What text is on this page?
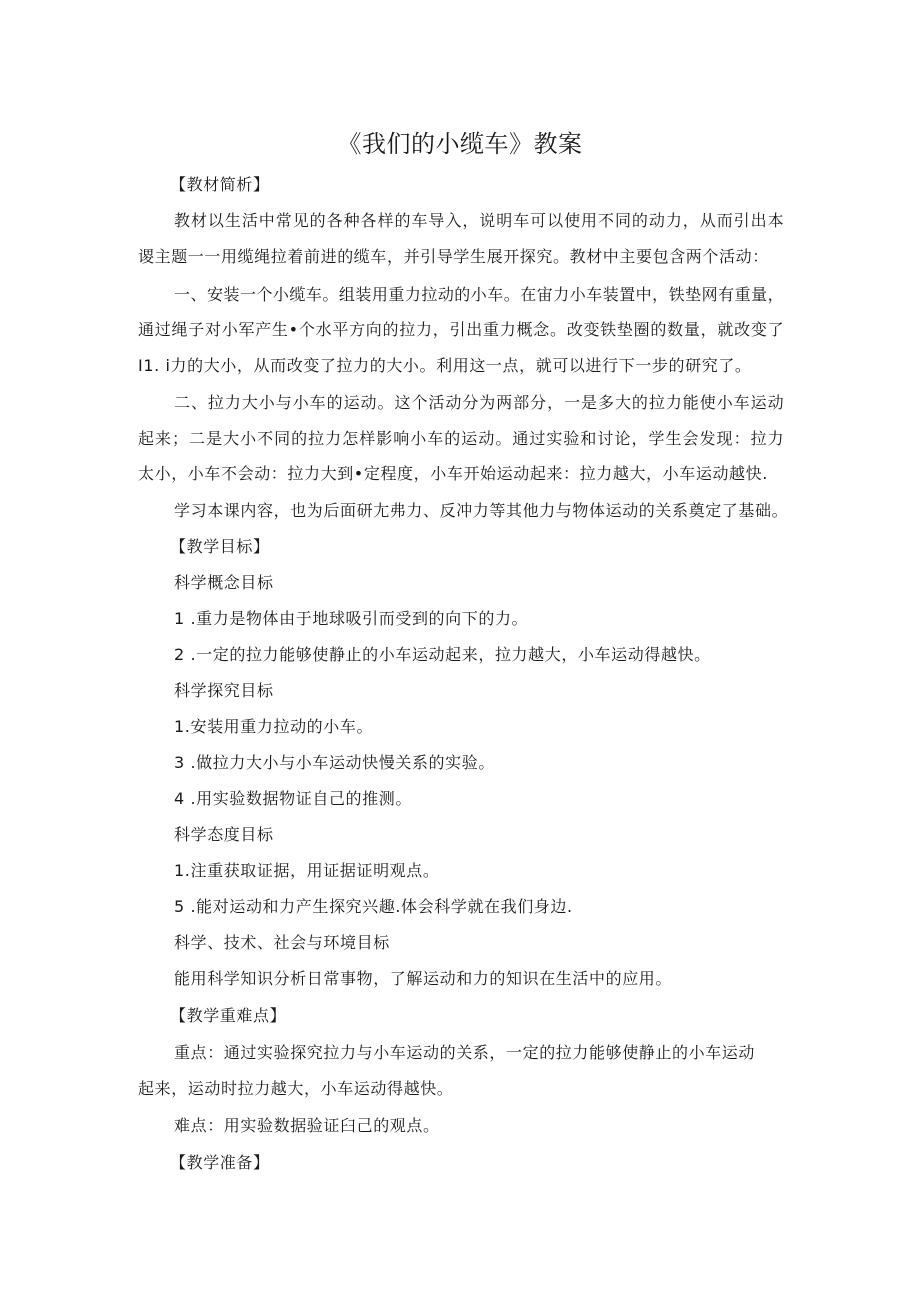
《我们的小缆车》教案
【教材简析】
教材以生活中常见的各种各样的车导入，说明车可以使用不同的动力，从而引出本
谡主题一一用缆绳拉着前进的缆车，并引导学生展开探究。教材中主要包含两个活动：
一、安装一个小缆车。组装用重力拉动的小车。在宙力小车装置中，铁垫网有重量，
通过绳子对小军产生•个水平方向的拉力，引出重力概念。改变铁垫圈的数量，就改变了
I1. i力的大小，从而改变了拉力的大小。利用这一点，就可以进行下一步的研究了。
二、拉力大小与小车的运动。这个活动分为两部分，一是多大的拉力能使小车运动
起来；二是大小不同的拉力怎样影响小车的运动。通过实验和讨论，学生会发现：拉力
太小，小车不会动：拉力大到•定程度，小车开始运动起来：拉力越大，小车运动越快.
学习本课内容，也为后面研尢弗力、反冲力等其他力与物体运动的关系奠定了基础。
【教学目标】
科学概念目标
1 .重力是物体由于地球吸引而受到的向下的力。
2 .一定的拉力能够使静止的小车运动起来，拉力越大，小车运动得越快。
科学探究目标
1.安装用重力拉动的小车。
3 .做拉力大小与小车运动快慢关系的实验。
4 .用实验数据物证自己的推测。
科学态度目标
1.注重获取证据，用证据证明观点。
5 .能对运动和力产生探究兴趣.体会科学就在我们身边.
科学、技术、社会与环境目标
能用科学知识分析日常事物，了解运动和力的知识在生活中的应用。
【教学重难点】
重点：通过实验探究拉力与小车运动的关系，一定的拉力能够使静止的小车运动
起来，运动时拉力越大，小车运动得越快。
难点：用实验数据验证臼己的观点。
【教学准备】
